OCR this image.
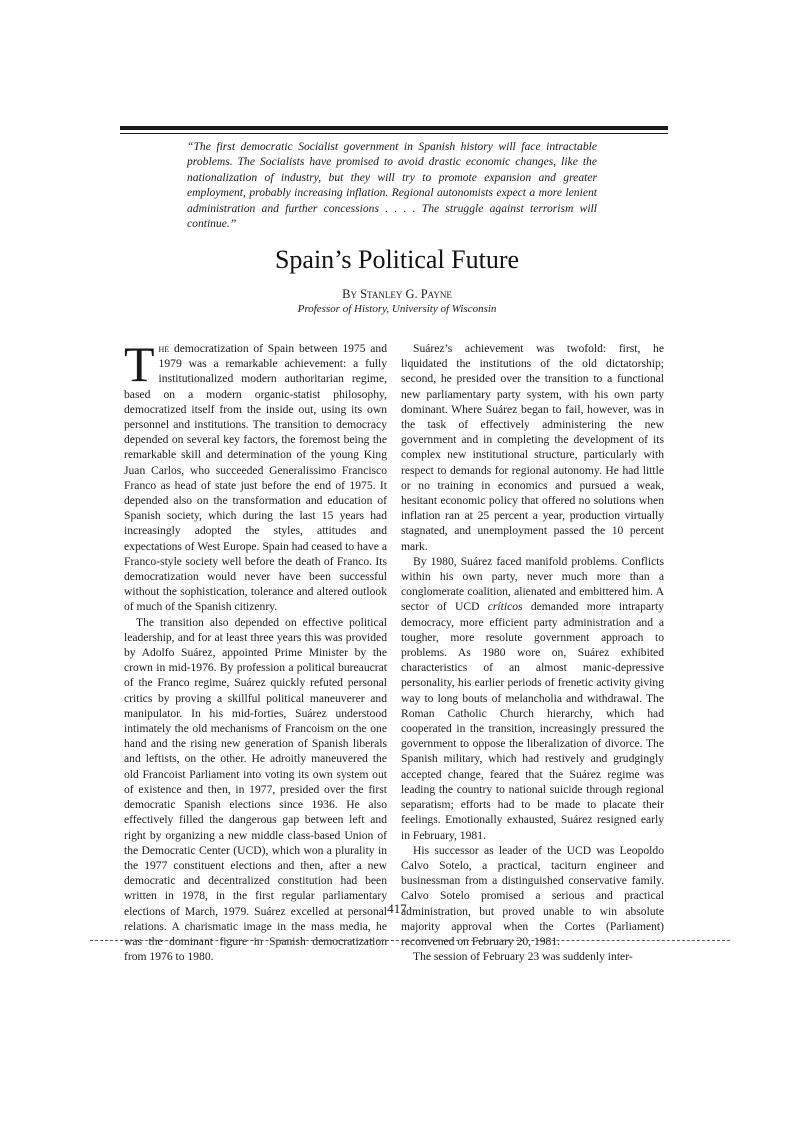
“The first democratic Socialist government in Spanish history will face intractable problems. The Socialists have promised to avoid drastic economic changes, like the nationalization of industry, but they will try to promote expansion and greater employment, probably increasing inflation. Regional autonomists expect a more lenient administration and further concessions . . . . The struggle against terrorism will continue.”
Spain’s Political Future
By Stanley G. Payne
Professor of History, University of Wisconsin

The democratization of Spain between 1975 and 1979 was a remarkable achievement: a fully institutionalized modern authoritarian regime, based on a modern organic-statist philosophy, democratized itself from the inside out, using its own personnel and institutions. The transition to democracy depended on several key factors, the foremost being the remarkable skill and determination of the young King Juan Carlos, who succeeded Generalissimo Francisco Franco as head of state just before the end of 1975. It depended also on the transformation and education of Spanish society, which during the last 15 years had increasingly adopted the styles, attitudes and expectations of West Europe. Spain had ceased to have a Franco-style society well before the death of Franco. Its democratization would never have been successful without the sophistication, tolerance and altered outlook of much of the Spanish citizenry.

The transition also depended on effective political leadership, and for at least three years this was provided by Adolfo Suárez, appointed Prime Minister by the crown in mid-1976. By profession a political bureaucrat of the Franco regime, Suárez quickly refuted personal critics by proving a skillful political maneuverer and manipulator. In his mid-forties, Suárez understood intimately the old mechanisms of Francoism on the one hand and the rising new generation of Spanish liberals and leftists, on the other. He adroitly maneuvered the old Francoist Parliament into voting its own system out of existence and then, in 1977, presided over the first democratic Spanish elections since 1936. He also effectively filled the dangerous gap between left and right by organizing a new middle class-based Union of the Democratic Center (UCD), which won a plurality in the 1977 constituent elections and then, after a new democratic and decentralized constitution had been written in 1978, in the first regular parliamentary elections of March, 1979. Suárez excelled at personal relations. A charismatic image in the mass media, he was the dominant figure in Spanish democratization from 1976 to 1980.

Suárez’s achievement was twofold: first, he liquidated the institutions of the old dictatorship; second, he presided over the transition to a functional new parliamentary party system, with his own party dominant. Where Suárez began to fail, however, was in the task of effectively administering the new government and in completing the development of its complex new institutional structure, particularly with respect to demands for regional autonomy. He had little or no training in economics and pursued a weak, hesitant economic policy that offered no solutions when inflation ran at 25 percent a year, production virtually stagnated, and unemployment passed the 10 percent mark.

By 1980, Suárez faced manifold problems. Conflicts within his own party, never much more than a conglomerate coalition, alienated and embittered him. A sector of UCD críticos demanded more intraparty democracy, more efficient party administration and a tougher, more resolute government approach to problems. As 1980 wore on, Suárez exhibited characteristics of an almost manic-depressive personality, his earlier periods of frenetic activity giving way to long bouts of melancholia and withdrawal. The Roman Catholic Church hierarchy, which had cooperated in the transition, increasingly pressured the government to oppose the liberalization of divorce. The Spanish military, which had restively and grudgingly accepted change, feared that the Suárez regime was leading the country to national suicide through regional separatism; efforts had to be made to placate their feelings. Emotionally exhausted, Suárez resigned early in February, 1981.

His successor as leader of the UCD was Leopoldo Calvo Sotelo, a practical, taciturn engineer and businessman from a distinguished conservative family. Calvo Sotelo promised a serious and practical administration, but proved unable to win absolute majority approval when the Cortes (Parliament) reconvened on February 20, 1981.

The session of February 23 was suddenly inter-

417
